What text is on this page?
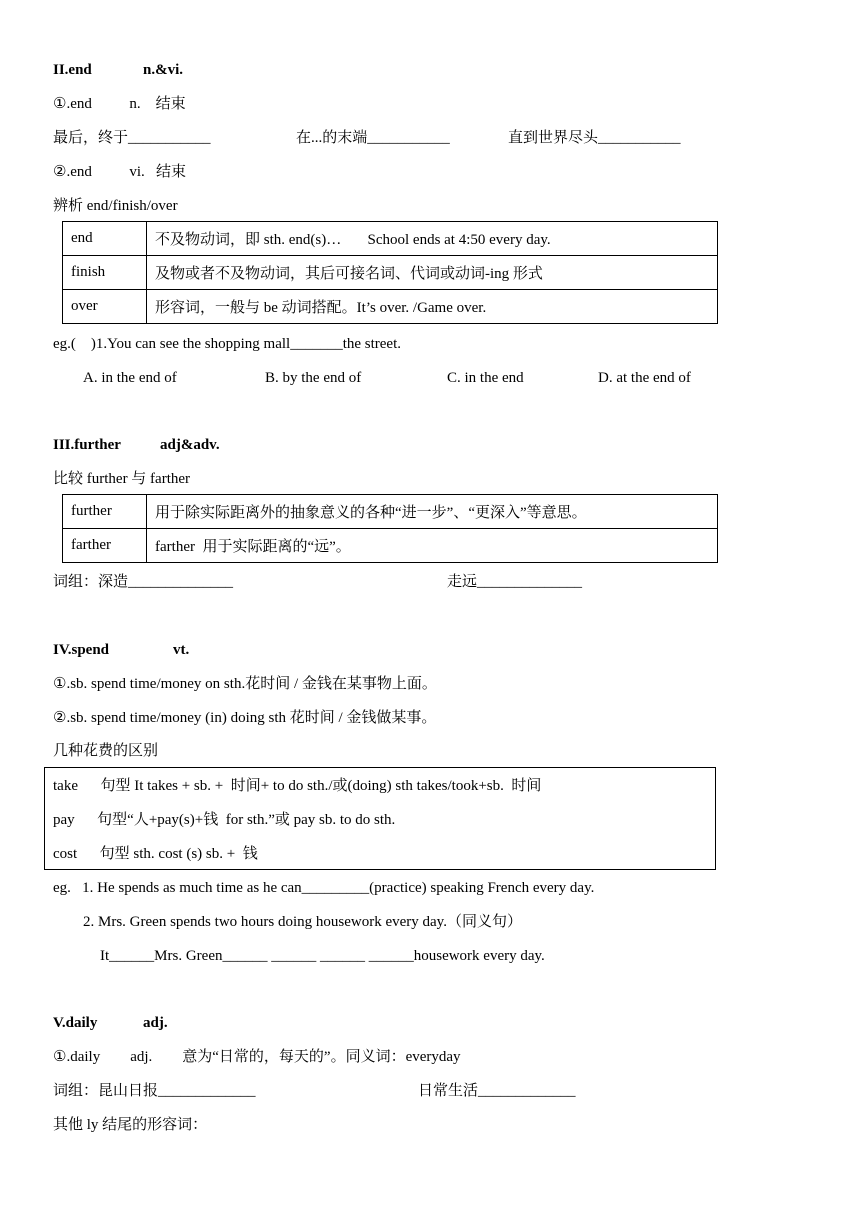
II.end	n.&vi.
①.end          n.    结束
最后，终于___________	在...的末端___________	直到世界尽头___________
②.end          vi.   结束
辨析 end/finish/over
end	不及物动词，即 sth. end(s)…       School ends at 4:50 every day.
finish	及物或者不及物动词，其后可接名词、代词或动词-ing 形式
over	形容词，一般与 be 动词搭配。It’s over. /Game over.
eg.(    )1.You can see the shopping mall_______the street.
A. in the end of	B. by the end of	C. in the end	D. at the end of
III.further	adj&adv.
比较 further 与 farther
further	用于除实际距离外的抽象意义的各种“进一步”、“更深入”等意思。
farther	farther  用于实际距离的“远”。
词组：深造______________	走远______________
IV.spend	vt.
①.sb. spend time/money on sth.花时间 / 金钱在某事物上面。
②.sb. spend time/money (in) doing sth 花时间 / 金钱做某事。
几种花费的区别
take      句型 It takes + sb. +  时间+ to do sth./或(doing) sth takes/took+sb.  时间
pay      句型“人+pay(s)+钱  for sth.”或 pay sb. to do sth.
cost      句型 sth. cost (s) sb. +  钱
eg.   1. He spends as much time as he can_________(practice) speaking French every day.
2. Mrs. Green spends two hours doing housework every day.（同义句）
It______Mrs. Green______ ______ ______ ______housework every day.
V.daily	adj.
①.daily        adj.        意为“日常的，每天的”。同义词：everyday
词组：昆山日报_____________	日常生活_____________
其他 ly 结尾的形容词：
